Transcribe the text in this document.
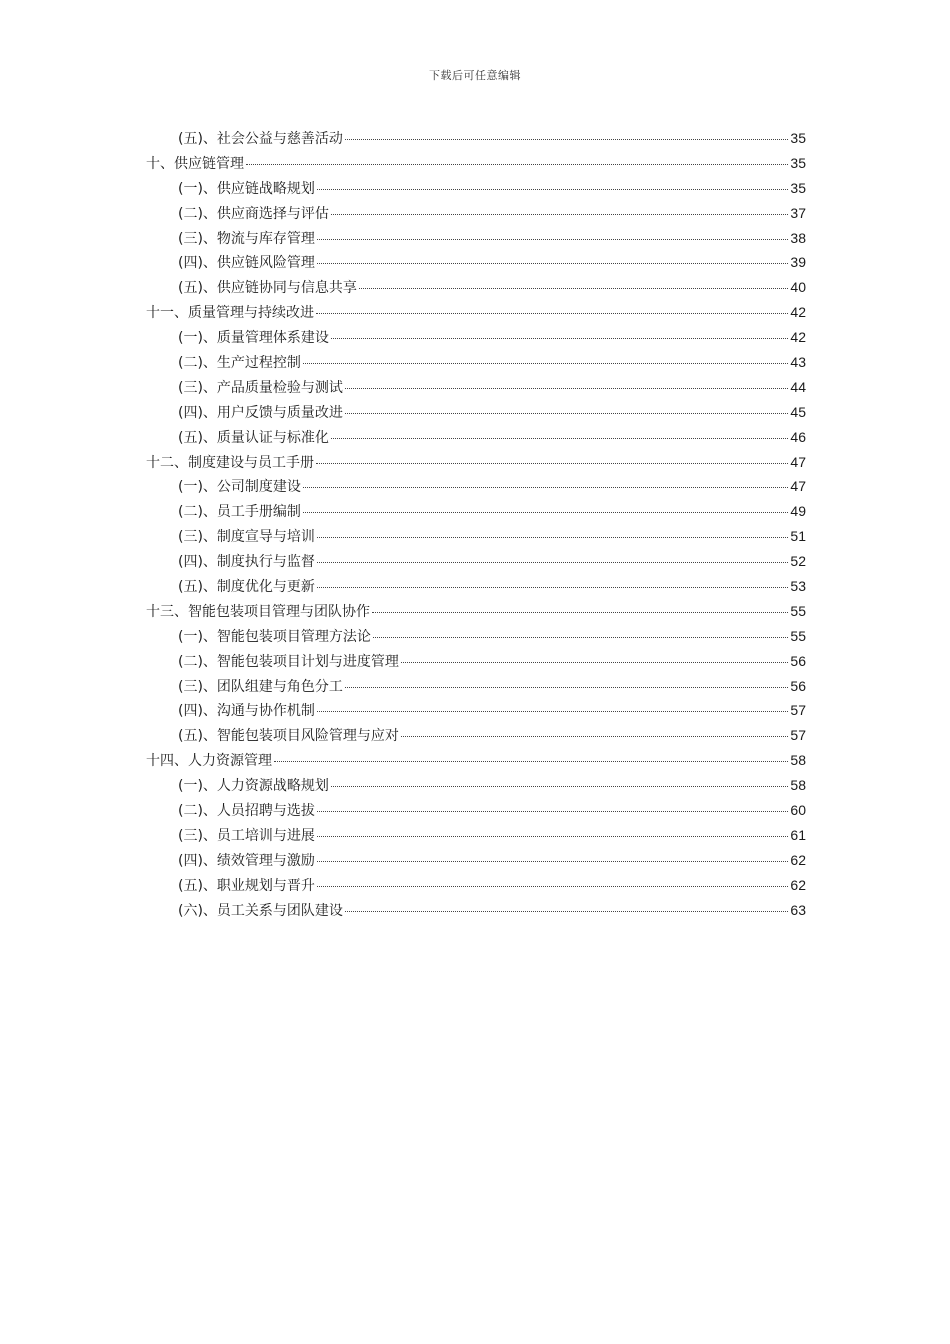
下载后可任意编辑
(五)、社会公益与慈善活动	35
十、供应链管理	35
(一)、供应链战略规划	35
(二)、供应商选择与评估	37
(三)、物流与库存管理	38
(四)、供应链风险管理	39
(五)、供应链协同与信息共享	40
十一、质量管理与持续改进	42
(一)、质量管理体系建设	42
(二)、生产过程控制	43
(三)、产品质量检验与测试	44
(四)、用户反馈与质量改进	45
(五)、质量认证与标准化	46
十二、制度建设与员工手册	47
(一)、公司制度建设	47
(二)、员工手册编制	49
(三)、制度宣导与培训	51
(四)、制度执行与监督	52
(五)、制度优化与更新	53
十三、智能包装项目管理与团队协作	55
(一)、智能包装项目管理方法论	55
(二)、智能包装项目计划与进度管理	56
(三)、团队组建与角色分工	56
(四)、沟通与协作机制	57
(五)、智能包装项目风险管理与应对	57
十四、人力资源管理	58
(一)、人力资源战略规划	58
(二)、人员招聘与选拔	60
(三)、员工培训与进展	61
(四)、绩效管理与激励	62
(五)、职业规划与晋升	62
(六)、员工关系与团队建设	63
